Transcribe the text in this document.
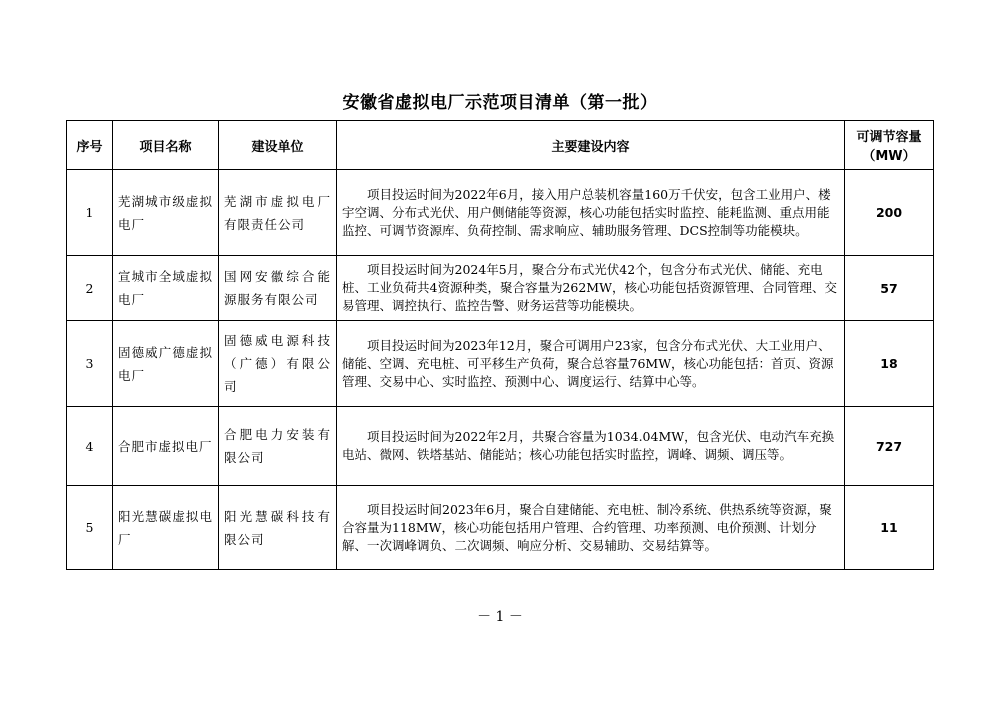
安徽省虚拟电厂示范项目清单（第一批）
序号	项目名称	建设单位	主要建设内容	可调节容量（MW）
1	芜湖城市级虚拟电厂	芜湖市虚拟电厂有限责任公司	项目投运时间为2022年6月，接入用户总装机容量160万千伏安，包含工业用户、楼宇空调、分布式光伏、用户侧储能等资源，核心功能包括实时监控、能耗监测、重点用能监控、可调节资源库、负荷控制、需求响应、辅助服务管理、DCS控制等功能模块。	200
2	宣城市全域虚拟电厂	国网安徽综合能源服务有限公司	项目投运时间为2024年5月，聚合分布式光伏42个，包含分布式光伏、储能、充电桩、工业负荷共4资源种类，聚合容量为262MW，核心功能包括资源管理、合同管理、交易管理、调控执行、监控告警、财务运营等功能模块。	57
3	固德威广德虚拟电厂	固德威电源科技（广德）有限公司	项目投运时间为2023年12月，聚合可调用户23家，包含分布式光伏、大工业用户、储能、空调、充电桩、可平移生产负荷，聚合总容量76MW，核心功能包括：首页、资源管理、交易中心、实时监控、预测中心、调度运行、结算中心等。	18
4	合肥市虚拟电厂	合肥电力安装有限公司	项目投运时间为2022年2月，共聚合容量为1034.04MW，包含光伏、电动汽车充换电站、微网、铁塔基站、储能站；核心功能包括实时监控，调峰、调频、调压等。	727
5	阳光慧碳虚拟电厂	阳光慧碳科技有限公司	项目投运时间2023年6月，聚合自建储能、充电桩、制冷系统、供热系统等资源，聚合容量为118MW，核心功能包括用户管理、合约管理、功率预测、电价预测、计划分解、一次调峰调负、二次调频、响应分析、交易辅助、交易结算等。	11
－ 1 －
